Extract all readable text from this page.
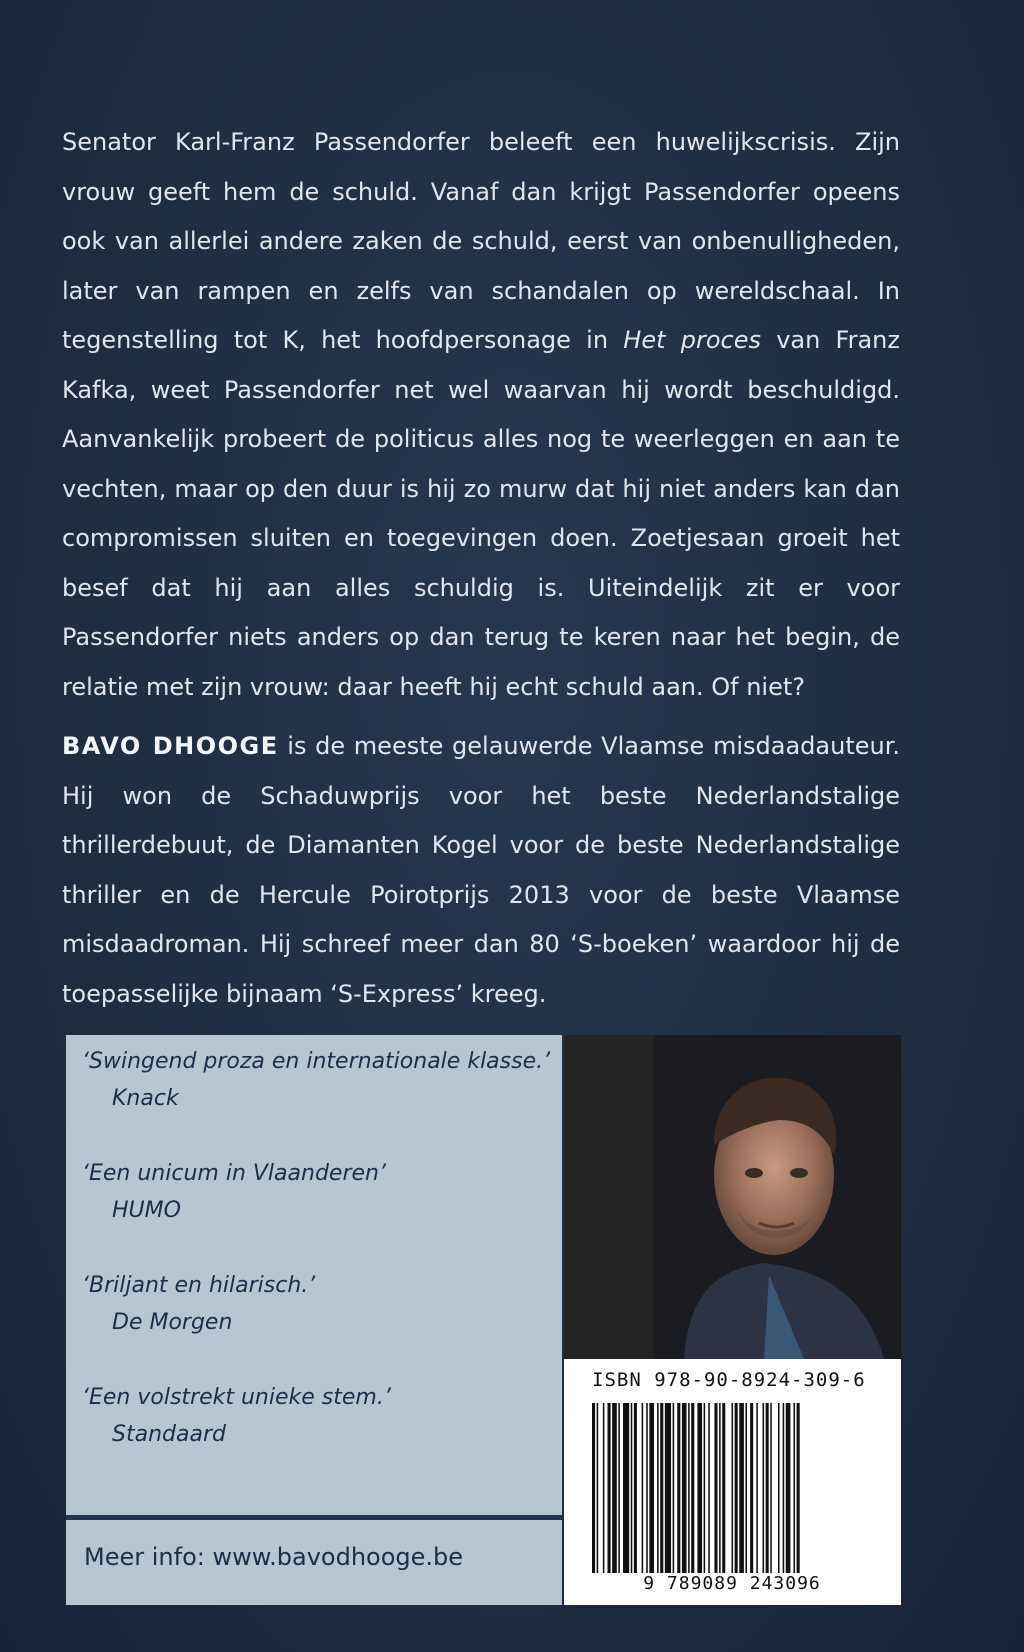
Senator Karl-Franz Passendorfer beleeft een huwelijkscrisis. Zijn vrouw geeft hem de schuld. Vanaf dan krijgt Passendorfer opeens ook van allerlei andere zaken de schuld, eerst van onbenulligheden, later van rampen en zelfs van schandalen op wereldschaal. In tegenstelling tot K, het hoofdpersonage in Het proces van Franz Kafka, weet Passendorfer net wel waarvan hij wordt beschuldigd. Aanvankelijk probeert de politicus alles nog te weerleggen en aan te vechten, maar op den duur is hij zo murw dat hij niet anders kan dan compromissen sluiten en toegevingen doen. Zoetjesaan groeit het besef dat hij aan alles schuldig is. Uiteindelijk zit er voor Passendorfer niets anders op dan terug te keren naar het begin, de relatie met zijn vrouw: daar heeft hij echt schuld aan. Of niet?

BAVO DHOOGE is de meeste gelauwerde Vlaamse misdaadauteur. Hij won de Schaduwprijs voor het beste Nederlandstalige thrillerdebuut, de Diamanten Kogel voor de beste Nederlandstalige thriller en de Hercule Poirotprijs 2013 voor de beste Vlaamse misdaadroman. Hij schreef meer dan 80 ‘S-boeken’ waardoor hij de toepasselijke bijnaam ‘S-Express’ kreeg.

‘Swingend proza en internationale klasse.’
Knack
‘Een unicum in Vlaanderen’
HUMO
‘Briljant en hilarisch.’
De Morgen
‘Een volstrekt unieke stem.’
Standaard
Meer info: www.bavodhooge.be
ISBN 978-90-8924-309-6
9 789089 243096
